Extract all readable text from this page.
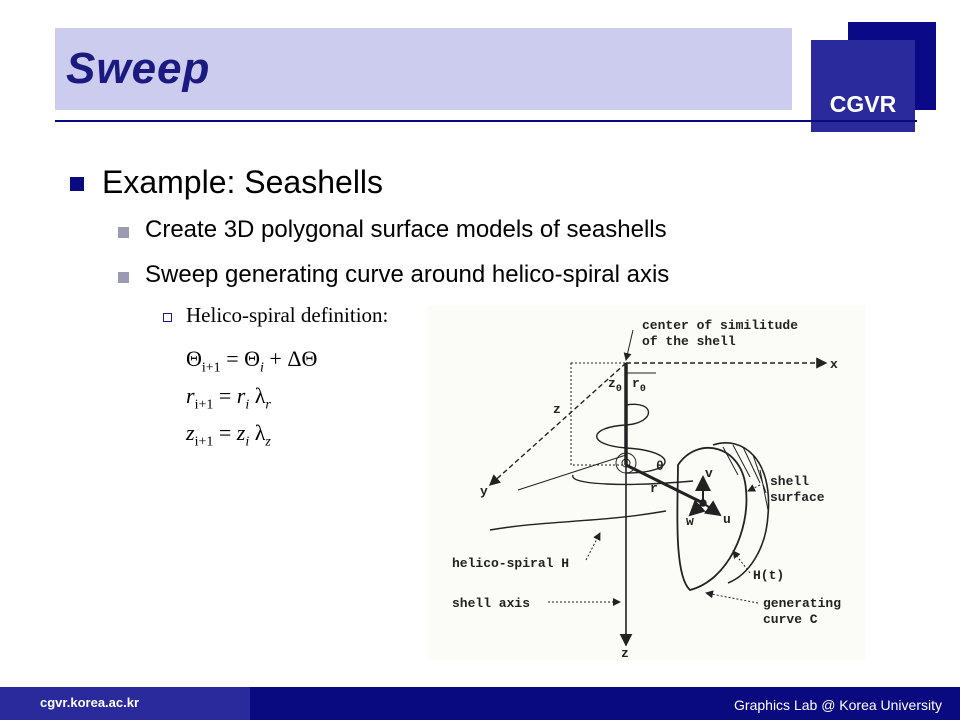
Sweep
CGVR
Example: Seashells
Create 3D polygonal surface models of seashells
Sweep generating curve around helico-spiral axis
Helico-spiral definition:
$\Theta_{i+1} = \Theta_i + \Delta\Theta$
$r_{i+1} = r_i$ $\lambda_r$
$z_{i+1} = z_i$ $\lambda_z$
center of similitude
of the shell
x
y
z
z
$z_0$ $r_0$
r
θ	v
w u
shell
surface
helico-spiral H
H(t)
shell axis	generating
curve C
cgvr.korea.ac.kr	Graphics Lab @ Korea University
